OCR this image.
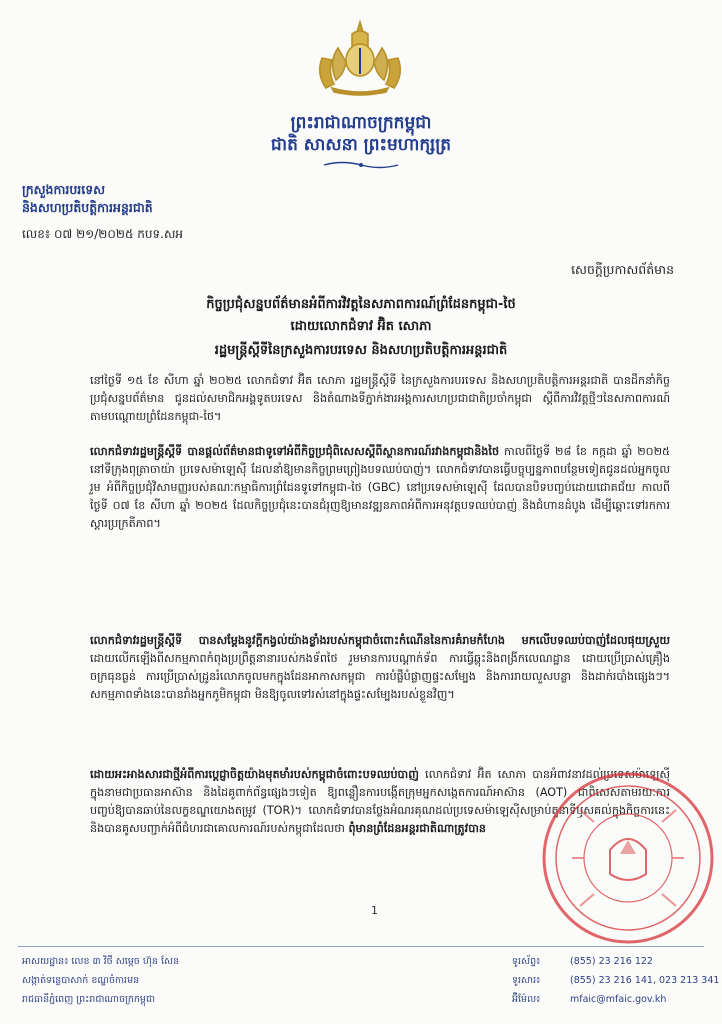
ព្រះរាជាណាចក្រកម្ពុជា
ជាតិ សាសនា ព្រះមហាក្សត្រ
ក្រសួងការបរទេស
និងសហប្រតិបត្តិការអន្តរជាតិ
លេខ៖ ០៧ ២១/២០២៥ កបទ.សអ
សេចក្តីប្រកាសព័ត៌មាន
កិច្ចប្រជុំសន្នបព័ត៌មានអំពីការវិវត្តនៃសភាពការណ៍ព្រំដែនកម្ពុជា-ថៃ
ដោយលោកជំទាវ អ៊ិត សោភា
រដ្ឋមន្ត្រីស្តីទីនៃក្រសួងការបរទេស និងសហប្រតិបត្តិការអន្តរជាតិ
នៅថ្ងៃទី ១៥ ខែ សីហា ឆ្នាំ ២០២៥ លោកជំទាវ អ៊ិត សោភា រដ្ឋមន្ត្រីស្តីទី នៃក្រសួងការបរទេស និងសហប្រតិបត្តិការអន្តរជាតិ បានដឹកនាំកិច្ចប្រជុំសន្នបព័ត៌មាន ជូនដល់សមាជិកអង្គទូតបរទេស និងតំណាងទីភ្នាក់ងារអង្គការសហប្រជាជាតិប្រចាំកម្ពុជា ស្តីពីការវិវត្តថ្មីៗនៃសភាពការណ៍ តាមបណ្តោយព្រំដែនកម្ពុជា-ថៃ។
លោកជំទាវរដ្ឋមន្ត្រីស្តីទី បានផ្តល់ព័ត៌មានជាទូទៅអំពីកិច្ចប្រជុំពិសេសស្តីពីស្ថានការណ៍រវាងកម្ពុជានិងថៃ កាលពីថ្ងៃទី ២៨ ខែ កក្កដា ឆ្នាំ ២០២៥ នៅទីក្រុងពុត្រាចាយ៉ា ប្រទេសម៉ាឡេស៊ី ដែលនាំឱ្យមានកិច្ចព្រមព្រៀងបទឈប់បាញ់។ លោកជំទាវបានធ្វើបច្ចុប្បន្នភាពបន្ថែមទៀតជូនដល់អ្នកចូលរួម អំពីកិច្ចប្រជុំវិសាមញ្ញរបស់គណៈកម្មាធិការព្រំដែនទូទៅកម្ពុជា-ថៃ (GBC) នៅប្រទេសម៉ាឡេស៊ី ដែលបានបិទបញ្ចប់ដោយជោគជ័យ កាលពីថ្ងៃទី ០៧ ខែ សីហា ឆ្នាំ ២០២៥ ដែលកិច្ចប្រជុំនេះបានជំរុញឱ្យមានវឌ្ឍនភាពអំពីការអនុវត្តបទឈប់បាញ់ និងជំហានដំបូង ដើម្បីឆ្ពោះទៅរកការស្តារប្រក្រតីភាព។
លោកជំទាវរដ្ឋមន្ត្រីស្តីទី បានសម្តែងនូវក្តីកង្វល់យ៉ាងខ្លាំងរបស់កម្ពុជាចំពោះកំណើននៃការគំរាមកំហែង មកលើបទឈប់បាញ់ដែលផុយស្រួយ ដោយលើកឡើងពីសកម្មភាពកំពុងប្រព្រឹត្តនានារបស់កងទ័ពថៃ រួមមានការបណ្តាក់ទ័ព ការធ្វើឆ្ពុះនិងពង្រីកលេណដ្ឋាន ដោយប្រើប្រាស់គ្រឿងចក្រធុនធ្ងន់ ការប្រើប្រាស់ដ្រូនរំលោភចូលមកក្នុងដែនអាកាសកម្ពុជា ការបំផ្លឹបំផ្លាញផ្ទះសម្បែង និងការរាយលួសបន្លា និងដាក់របាំងផ្សេងៗ។ សកម្មភាពទាំងនេះបានរាំងអ្នកភូមិកម្ពុជា មិនឱ្យចូលទៅរស់នៅក្នុងផ្ទះសម្បែងរបស់ខ្លួនវិញ។
ដោយអះអាងសារជាថ្មីអំពីការប្តេជ្ញាចិត្តយ៉ាងមុតមាំរបស់កម្ពុជាចំពោះបទឈប់បាញ់ លោកជំទាវ អ៊ិត សោភា បានអំពាវនាវដល់ប្រទេសម៉ាឡេស៊ីក្នុងនាមជាប្រធានអាស៊ាន និងដៃគូពាក់ព័ន្ធផ្សេងៗទៀត ឱ្យពន្លឿនការបង្កើតក្រុមអ្នកសង្កេតការណ៍អាស៊ាន (AOT) ជាពិសេសតាមរយៈការបញ្ចប់ឱ្យបានឆាប់នៃលក្ខខណ្ឌយោងតម្រូវ (TOR)។ លោកជំទាវបានថ្លែងអំណរគុណដល់ប្រទេសម៉ាឡេស៊ីសម្រាប់តួនាទីឫសគល់ក្នុងកិច្ចការនេះ និងបានគូសបញ្ជាក់អំពីជំហរជាគោលការណ៍របស់កម្ពុជាដែលថា ពុំមានព្រំដែនអន្តរជាតិណាត្រូវបាន
1
អាសយដ្ឋាន៖ លេខ ៣ វិថី សម្តេច ហ៊ុន សែន
សង្កាត់ទន្លេបាសាក់ ខណ្ឌចំការមន
រាជធានីភ្នំពេញ ព្រះរាជាណាចក្រកម្ពុជា
ទូរស័ព្ទ៖	(855) 23 216 122
ទូរសារ៖	(855) 23 216 141, 023 213 341
អ៊ីម៉ែល៖	mfaic@mfaic.gov.kh
